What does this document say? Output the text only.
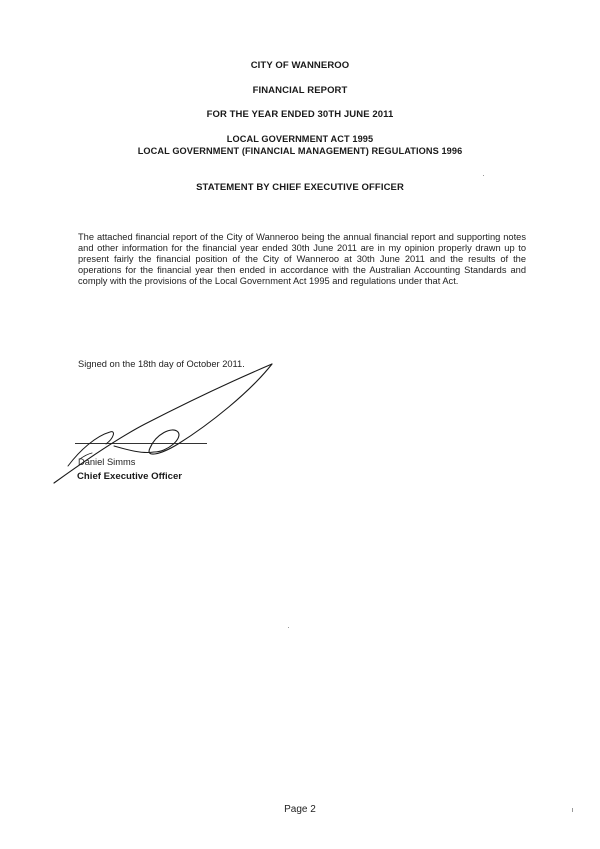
CITY OF WANNEROO
FINANCIAL REPORT
FOR THE YEAR ENDED 30TH JUNE 2011
LOCAL GOVERNMENT ACT 1995
LOCAL GOVERNMENT (FINANCIAL MANAGEMENT) REGULATIONS 1996
STATEMENT BY CHIEF EXECUTIVE OFFICER
The attached financial report of the City of Wanneroo being the annual financial report and supporting notes and other information for the financial year ended 30th June 2011 are in my opinion properly drawn up to present fairly the financial position of the City of Wanneroo at 30th June 2011 and the results of the operations for the financial year then ended in accordance with the Australian Accounting Standards and comply with the provisions of the Local Government Act 1995 and regulations under that Act.
Signed on the 18th day of October 2011.
Daniel Simms
Chief Executive Officer
Page 2
